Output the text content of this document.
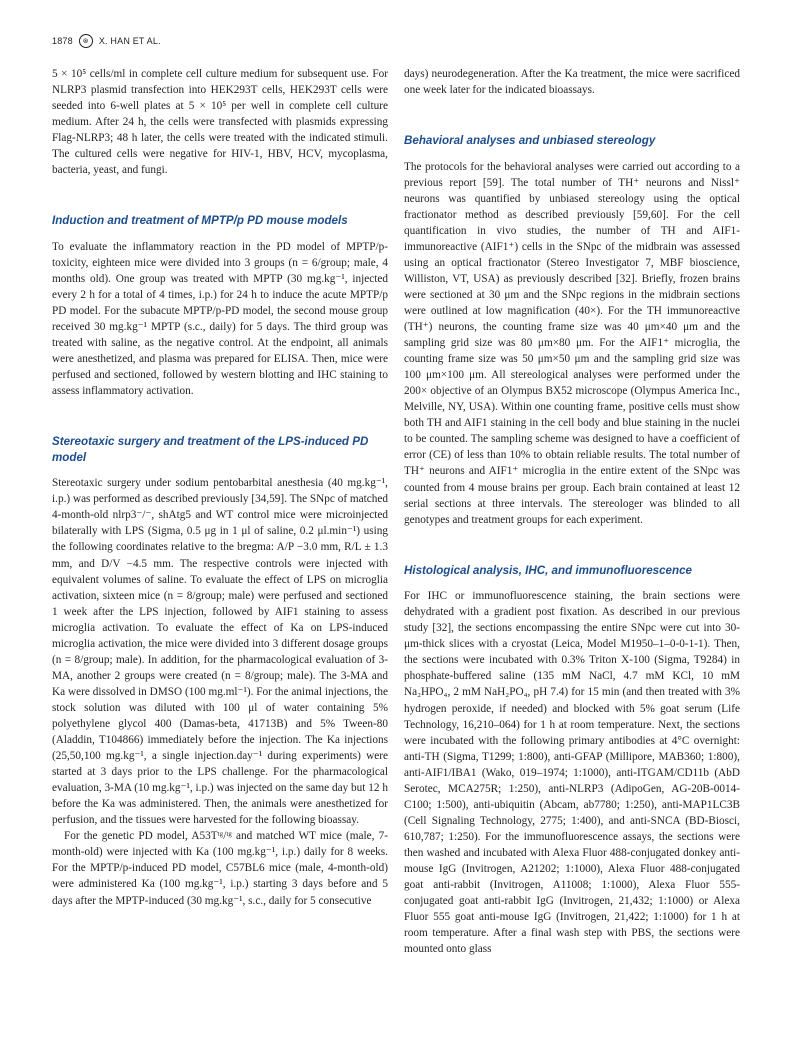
1878	⊛	X. HAN ET AL.

5 × 10⁵ cells/ml in complete cell culture medium for subsequent use. For NLRP3 plasmid transfection into HEK293T cells, HEK293T cells were seeded into 6-well plates at 5 × 10⁵ per well in complete cell culture medium. After 24 h, the cells were transfected with plasmids expressing Flag-NLRP3; 48 h later, the cells were treated with the indicated stimuli. The cultured cells were negative for HIV-1, HBV, HCV, mycoplasma, bacteria, yeast, and fungi.

Induction and treatment of MPTP/p PD mouse models

To evaluate the inflammatory reaction in the PD model of MPTP/p-toxicity, eighteen mice were divided into 3 groups (n = 6/group; male, 4 months old). One group was treated with MPTP (30 mg.kg⁻¹, injected every 2 h for a total of 4 times, i.p.) for 24 h to induce the acute MPTP/p PD model. For the subacute MPTP/p-PD model, the second mouse group received 30 mg.kg⁻¹ MPTP (s.c., daily) for 5 days. The third group was treated with saline, as the negative control. At the endpoint, all animals were anesthetized, and plasma was prepared for ELISA. Then, mice were perfused and sectioned, followed by western blotting and IHC staining to assess inflammatory activation.

Stereotaxic surgery and treatment of the LPS-induced PD model

Stereotaxic surgery under sodium pentobarbital anesthesia (40 mg.kg⁻¹, i.p.) was performed as described previously [34,59]. The SNpc of matched 4-month-old nlrp3⁻/⁻, shAtg5 and WT control mice were microinjected bilaterally with LPS (Sigma, 0.5 μg in 1 μl of saline, 0.2 μl.min⁻¹) using the following coordinates relative to the bregma: A/P −3.0 mm, R/L ± 1.3 mm, and D/V −4.5 mm. The respective controls were injected with equivalent volumes of saline. To evaluate the effect of LPS on microglia activation, sixteen mice (n = 8/group; male) were perfused and sectioned 1 week after the LPS injection, followed by AIF1 staining to assess microglia activation. To evaluate the effect of Ka on LPS-induced microglia activation, the mice were divided into 3 different dosage groups (n = 8/group; male). In addition, for the pharmacological evaluation of 3-MA, another 2 groups were created (n = 8/group; male). The 3-MA and Ka were dissolved in DMSO (100 mg.ml⁻¹). For the animal injections, the stock solution was diluted with 100 μl of water containing 5% polyethylene glycol 400 (Damas-beta, 41713B) and 5% Tween-80 (Aladdin, T104866) immediately before the injection. The Ka injections (25,50,100 mg.kg⁻¹, a single injection.day⁻¹ during experiments) were started at 3 days prior to the LPS challenge. For the pharmacological evaluation, 3-MA (10 mg.kg⁻¹, i.p.) was injected on the same day but 12 h before the Ka was administered. Then, the animals were anesthetized for perfusion, and the tissues were harvested for the following bioassay.

For the genetic PD model, A53Tᵗᵍ/ᵗᵍ and matched WT mice (male, 7-month-old) were injected with Ka (100 mg.kg⁻¹, i.p.) daily for 8 weeks. For the MPTP/p-induced PD model, C57BL6 mice (male, 4-month-old) were administered Ka (100 mg.kg⁻¹, i.p.) starting 3 days before and 5 days after the MPTP-induced (30 mg.kg⁻¹, s.c., daily for 5 consecutive

days) neurodegeneration. After the Ka treatment, the mice were sacrificed one week later for the indicated bioassays.

Behavioral analyses and unbiased stereology

The protocols for the behavioral analyses were carried out according to a previous report [59]. The total number of TH⁺ neurons and Nissl⁺ neurons was quantified by unbiased stereology using the optical fractionator method as described previously [59,60]. For the cell quantification in vivo studies, the number of TH and AIF1-immunoreactive (AIF1⁺) cells in the SNpc of the midbrain was assessed using an optical fractionator (Stereo Investigator 7, MBF bioscience, Williston, VT, USA) as previously described [32]. Briefly, frozen brains were sectioned at 30 μm and the SNpc regions in the midbrain sections were outlined at low magnification (40×). For the TH immunoreactive (TH⁺) neurons, the counting frame size was 40 μm×40 μm and the sampling grid size was 80 μm×80 μm. For the AIF1⁺ microglia, the counting frame size was 50 μm×50 μm and the sampling grid size was 100 μm×100 μm. All stereological analyses were performed under the 200× objective of an Olympus BX52 microscope (Olympus America Inc., Melville, NY, USA). Within one counting frame, positive cells must show both TH and AIF1 staining in the cell body and blue staining in the nuclei to be counted. The sampling scheme was designed to have a coefficient of error (CE) of less than 10% to obtain reliable results. The total number of TH⁺ neurons and AIF1⁺ microglia in the entire extent of the SNpc was counted from 4 mouse brains per group. Each brain contained at least 12 serial sections at three intervals. The stereologer was blinded to all genotypes and treatment groups for each experiment.

Histological analysis, IHC, and immunofluorescence

For IHC or immunofluorescence staining, the brain sections were dehydrated with a gradient post fixation. As described in our previous study [32], the sections encompassing the entire SNpc were cut into 30-μm-thick slices with a cryostat (Leica, Model M1950–1–0-0-1-1). Then, the sections were incubated with 0.3% Triton X-100 (Sigma, T9284) in phosphate-buffered saline (135 mM NaCl, 4.7 mM KCl, 10 mM Na₂HPO₄, 2 mM NaH₂PO₄, pH 7.4) for 15 min (and then treated with 3% hydrogen peroxide, if needed) and blocked with 5% goat serum (Life Technology, 16,210–064) for 1 h at room temperature. Next, the sections were incubated with the following primary antibodies at 4°C overnight: anti-TH (Sigma, T1299; 1:800), anti-GFAP (Millipore, MAB360; 1:800), anti-AIF1/IBA1 (Wako, 019–1974; 1:1000), anti-ITGAM/CD11b (AbD Serotec, MCA275R; 1:250), anti-NLRP3 (AdipoGen, AG-20B-0014-C100; 1:500), anti-ubiquitin (Abcam, ab7780; 1:250), anti-MAP1LC3B (Cell Signaling Technology, 2775; 1:400), and anti-SNCA (BD-Biosci, 610,787; 1:250). For the immunofluorescence assays, the sections were then washed and incubated with Alexa Fluor 488-conjugated donkey anti-mouse IgG (Invitrogen, A21202; 1:1000), Alexa Fluor 488-conjugated goat anti-rabbit (Invitrogen, A11008; 1:1000), Alexa Fluor 555-conjugated goat anti-rabbit IgG (Invitrogen, 21,432; 1:1000) or Alexa Fluor 555 goat anti-mouse IgG (Invitrogen, 21,422; 1:1000) for 1 h at room temperature. After a final wash step with PBS, the sections were mounted onto glass
